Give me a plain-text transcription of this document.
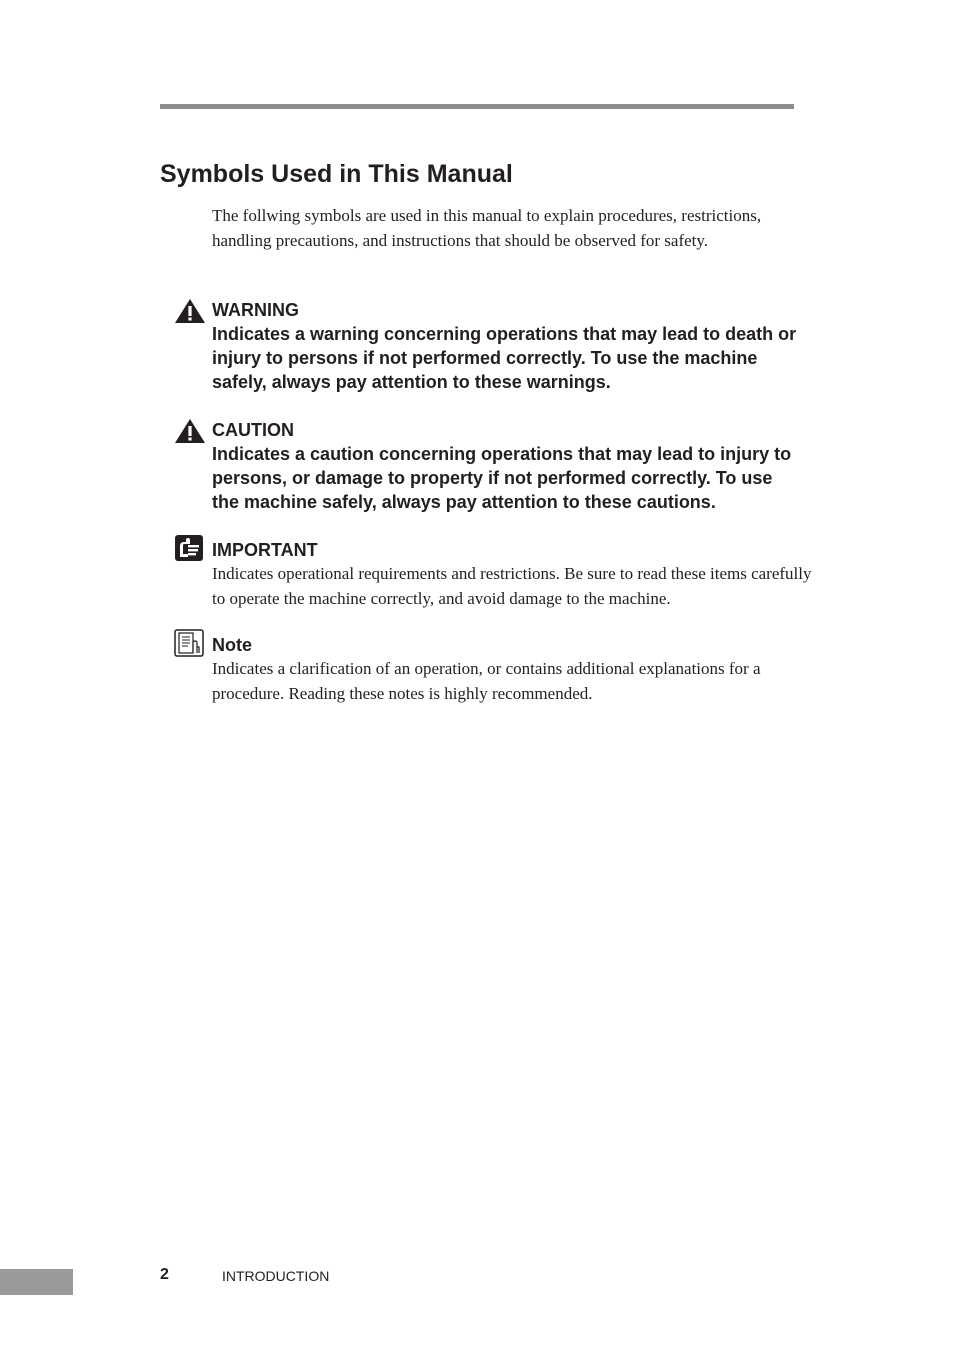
Symbols Used in This Manual

The follwing symbols are used in this manual to explain procedures, restrictions, handling precautions, and instructions that should be observed for safety.

WARNING

Indicates a warning concerning operations that may lead to death or injury to persons if not performed correctly. To use the machine safely, always pay attention to these warnings.

CAUTION

Indicates a caution concerning operations that may lead to injury to persons, or damage to property if not performed correctly. To use the machine safely, always pay attention to these cautions.

IMPORTANT

Indicates operational requirements and restrictions. Be sure to read these items carefully to operate the machine correctly, and avoid damage to the machine.

Note

Indicates a clarification of an operation, or contains additional explanations for a procedure. Reading these notes is highly recommended.

2	INTRODUCTION
